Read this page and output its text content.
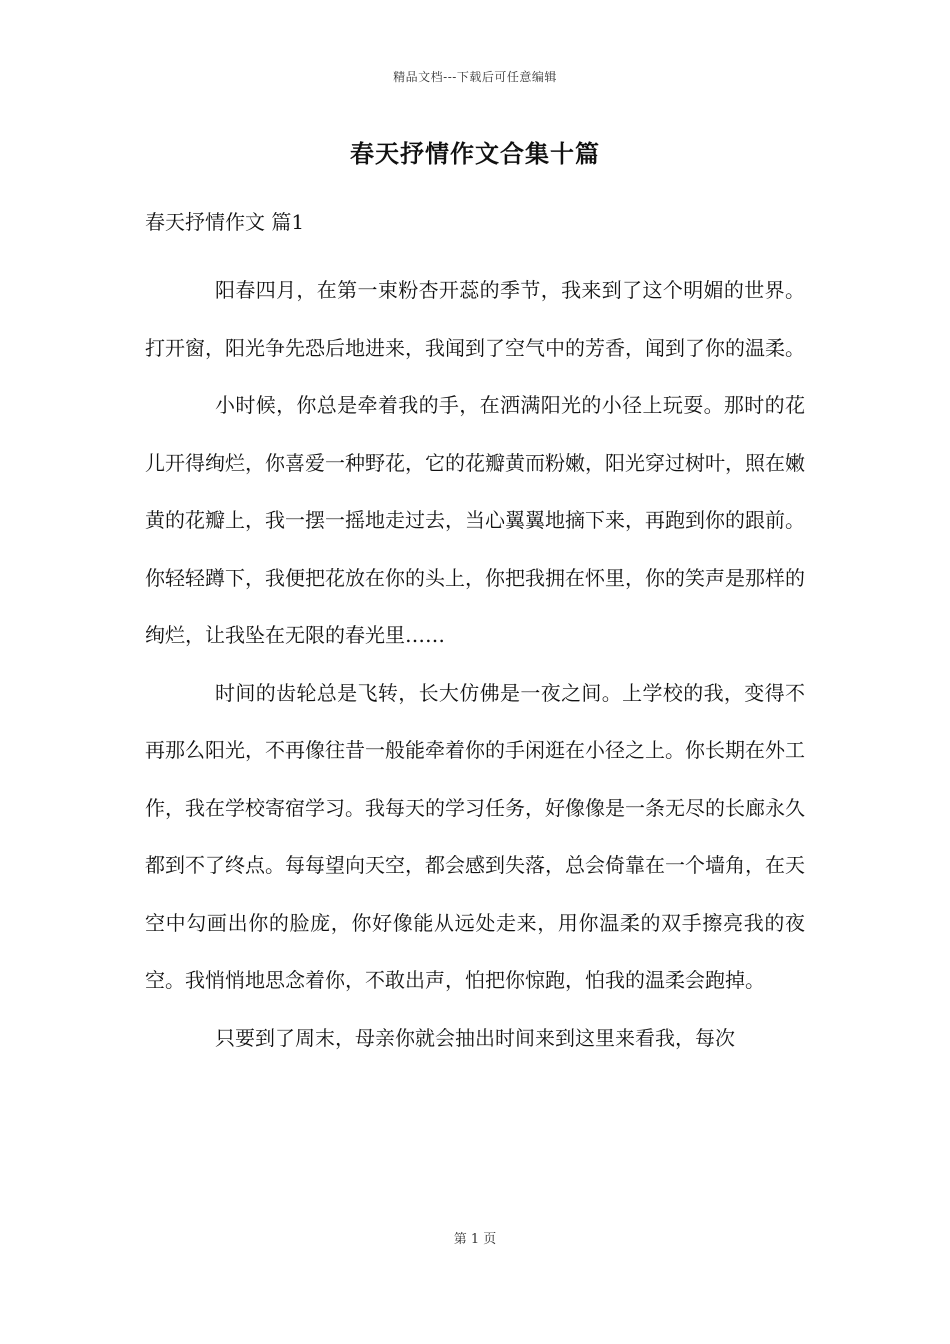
精品文档---下载后可任意编辑
春天抒情作文合集十篇
春天抒情作文 篇1

阳春四月，在第一束粉杏开蕊的季节，我来到了这个明媚的世界。打开窗，阳光争先恐后地进来，我闻到了空气中的芳香，闻到了你的温柔。

小时候，你总是牵着我的手，在洒满阳光的小径上玩耍。那时的花儿开得绚烂，你喜爱一种野花，它的花瓣黄而粉嫩，阳光穿过树叶，照在嫩黄的花瓣上，我一摆一摇地走过去，当心翼翼地摘下来，再跑到你的跟前。你轻轻蹲下，我便把花放在你的头上，你把我拥在怀里，你的笑声是那样的绚烂，让我坠在无限的春光里……

时间的齿轮总是飞转，长大仿佛是一夜之间。上学校的我，变得不再那么阳光，不再像往昔一般能牵着你的手闲逛在小径之上。你长期在外工作，我在学校寄宿学习。我每天的学习任务，好像像是一条无尽的长廊永久都到不了终点。每每望向天空，都会感到失落，总会倚靠在一个墙角，在天空中勾画出你的脸庞，你好像能从远处走来，用你温柔的双手擦亮我的夜空。我悄悄地思念着你，不敢出声，怕把你惊跑，怕我的温柔会跑掉。

只要到了周末，母亲你就会抽出时间来到这里来看我，每次

第 1 页
